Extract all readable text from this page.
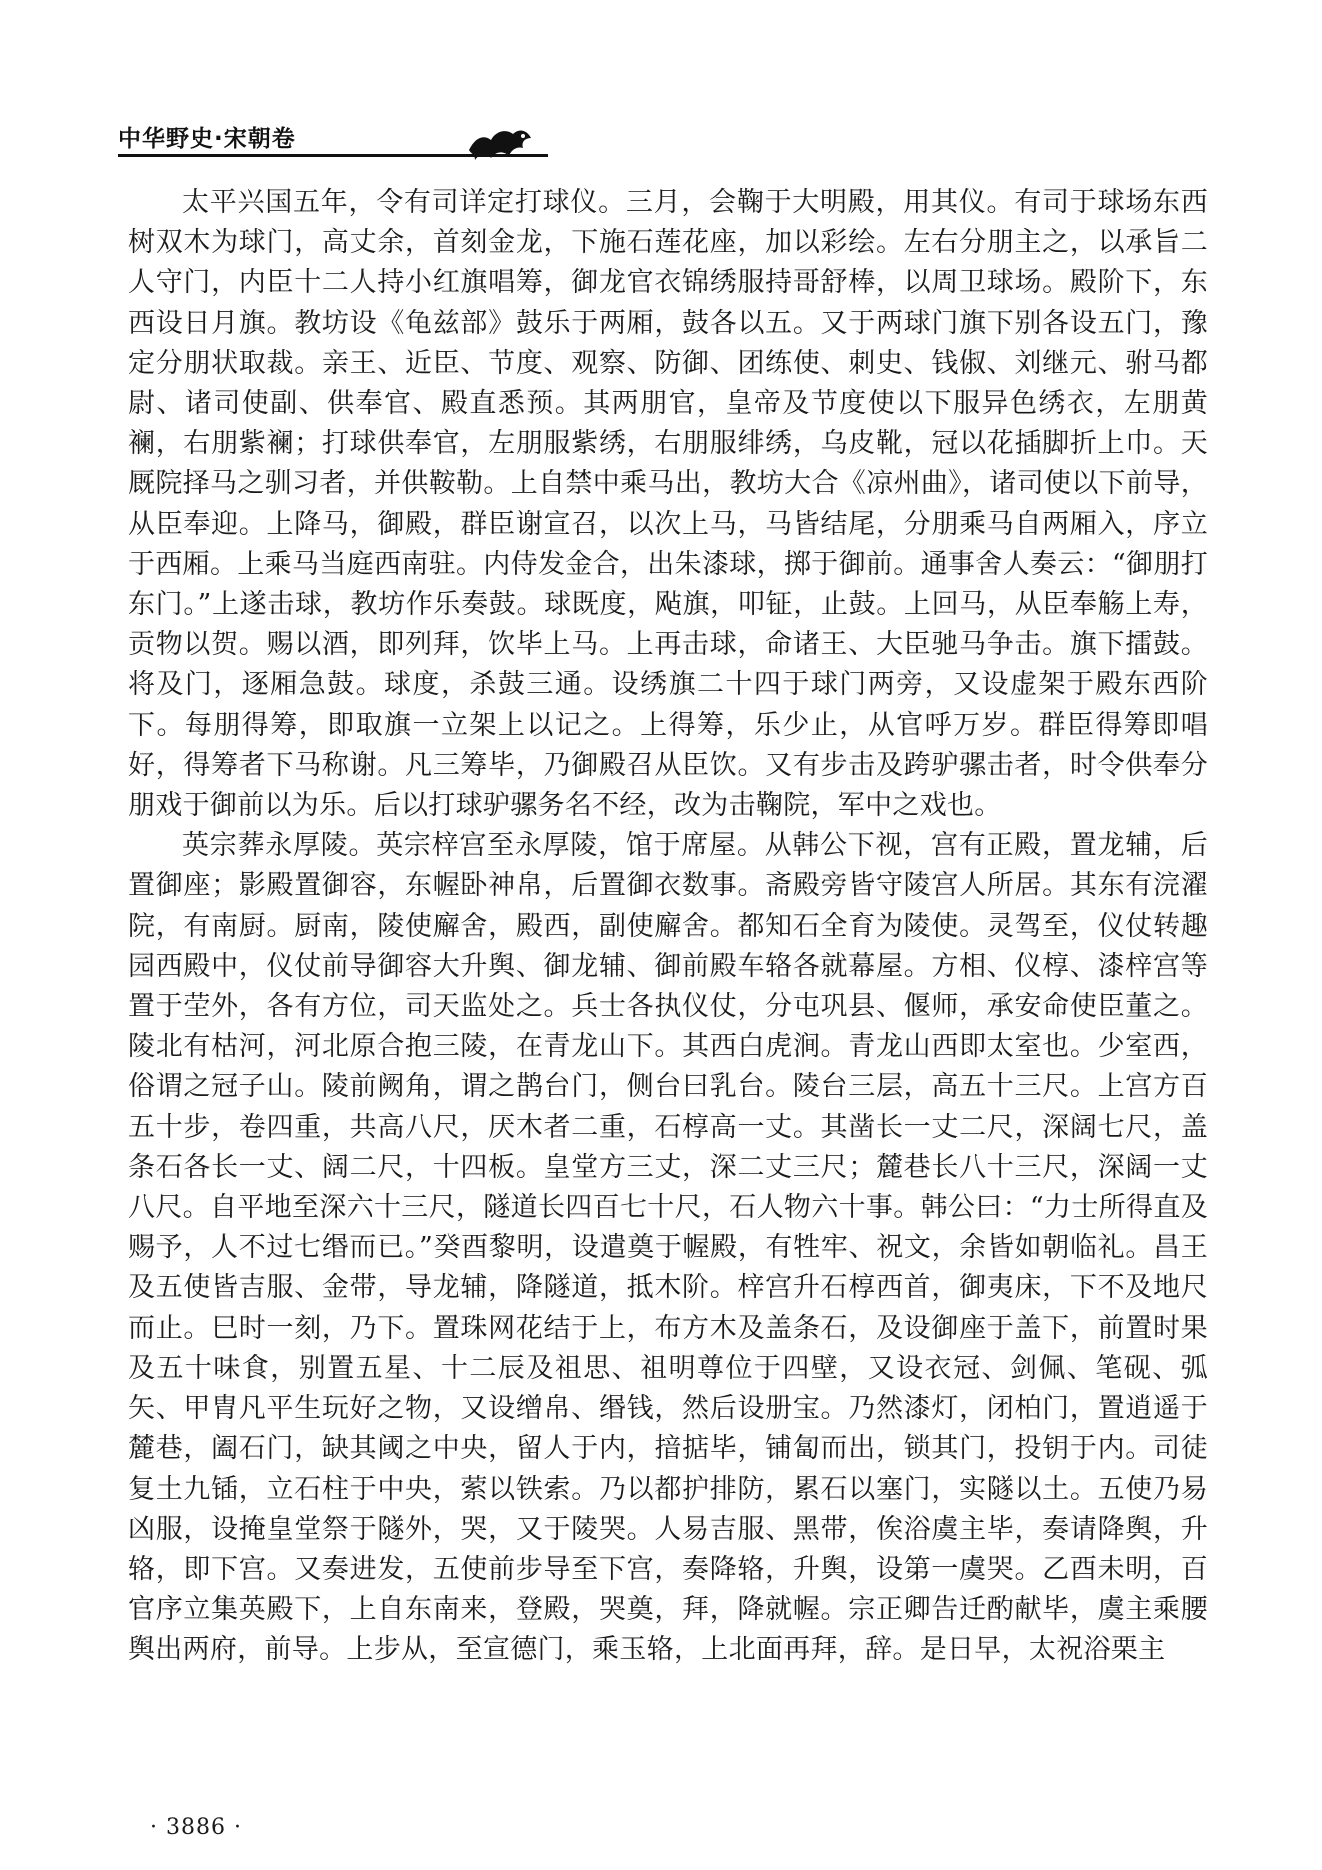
中华野史·宋朝卷

太平兴国五年，令有司详定打球仪。三月，会鞠于大明殿，用其仪。有司于球场东西树双木为球门，高丈余，首刻金龙，下施石莲花座，加以彩绘。左右分朋主之，以承旨二人守门，内臣十二人持小红旗唱筹，御龙官衣锦绣服持哥舒棒，以周卫球场。殿阶下，东西设日月旗。教坊设《龟兹部》鼓乐于两厢，鼓各以五。又于两球门旗下别各设五门，豫定分朋状取裁。亲王、近臣、节度、观察、防御、团练使、刺史、钱俶、刘继元、驸马都尉、诸司使副、供奉官、殿直悉预。其两朋官，皇帝及节度使以下服异色绣衣，左朋黄襕，右朋紫襕；打球供奉官，左朋服紫绣，右朋服绯绣，乌皮靴，冠以花插脚折上巾。天厩院择马之驯习者，并供鞍勒。上自禁中乘马出，教坊大合《凉州曲》，诸司使以下前导，从臣奉迎。上降马，御殿，群臣谢宣召，以次上马，马皆结尾，分朋乘马自两厢入，序立于西厢。上乘马当庭西南驻。内侍发金合，出朱漆球，掷于御前。通事舍人奏云：“御朋打东门。”上遂击球，教坊作乐奏鼓。球既度，飐旗，叩钲，止鼓。上回马，从臣奉觞上寿，贡物以贺。赐以酒，即列拜，饮毕上马。上再击球，命诸王、大臣驰马争击。旗下擂鼓。将及门，逐厢急鼓。球度，杀鼓三通。设绣旗二十四于球门两旁，又设虚架于殿东西阶下。每朋得筹，即取旗一立架上以记之。上得筹，乐少止，从官呼万岁。群臣得筹即唱好，得筹者下马称谢。凡三筹毕，乃御殿召从臣饮。又有步击及跨驴骡击者，时令供奉分朋戏于御前以为乐。后以打球驴骡务名不经，改为击鞠院，军中之戏也。

英宗葬永厚陵。英宗梓宫至永厚陵，馆于席屋。从韩公下视，宫有正殿，置龙辅，后置御座；影殿置御容，东幄卧神帛，后置御衣数事。斋殿旁皆守陵宫人所居。其东有浣濯院，有南厨。厨南，陵使廨舍，殿西，副使廨舍。都知石全育为陵使。灵驾至，仪仗转趣园西殿中，仪仗前导御容大升舆、御龙辅、御前殿车辂各就幕屋。方相、仪椁、漆梓宫等置于茔外，各有方位，司天监处之。兵士各执仪仗，分屯巩县、偃师，承安命使臣董之。陵北有枯河，河北原合抱三陵，在青龙山下。其西白虎涧。青龙山西即太室也。少室西，俗谓之冠子山。陵前阙角，谓之鹊台门，侧台曰乳台。陵台三层，高五十三尺。上宫方百五十步，卷四重，共高八尺，厌木者二重，石椁高一丈。其凿长一丈二尺，深阔七尺，盖条石各长一丈、阔二尺，十四板。皇堂方三丈，深二丈三尺；麓巷长八十三尺，深阔一丈八尺。自平地至深六十三尺，隧道长四百七十尺，石人物六十事。韩公曰：“力士所得直及赐予，人不过七缗而已。”癸酉黎明，设遣奠于幄殿，有牲牢、祝文，余皆如朝临礼。昌王及五使皆吉服、金带，导龙辅，降隧道，抵木阶。梓宫升石椁西首，御夷床，下不及地尺而止。巳时一刻，乃下。置珠网花结于上，布方木及盖条石，及设御座于盖下，前置时果及五十味食，别置五星、十二辰及祖思、祖明尊位于四壁，又设衣冠、剑佩、笔砚、弧矢、甲胄凡平生玩好之物，又设缯帛、缗钱，然后设册宝。乃然漆灯，闭柏门，置逍遥于麓巷，阖石门，缺其阈之中央，留人于内，揞掂毕，铺匐而出，锁其门，投钥于内。司徒复土九锸，立石柱于中央，萦以铁索。乃以都护排防，累石以塞门，实隧以土。五使乃易凶服，设掩皇堂祭于隧外，哭，又于陵哭。人易吉服、黑带，俟浴虞主毕，奏请降舆，升辂，即下宫。又奏进发，五使前步导至下宫，奏降辂，升舆，设第一虞哭。乙酉未明，百官序立集英殿下，上自东南来，登殿，哭奠，拜，降就幄。宗正卿告迁酌献毕，虞主乘腰舆出两府，前导。上步从，至宣德门，乘玉辂，上北面再拜，辞。是日早，太祝浴栗主

· 3886 ·
